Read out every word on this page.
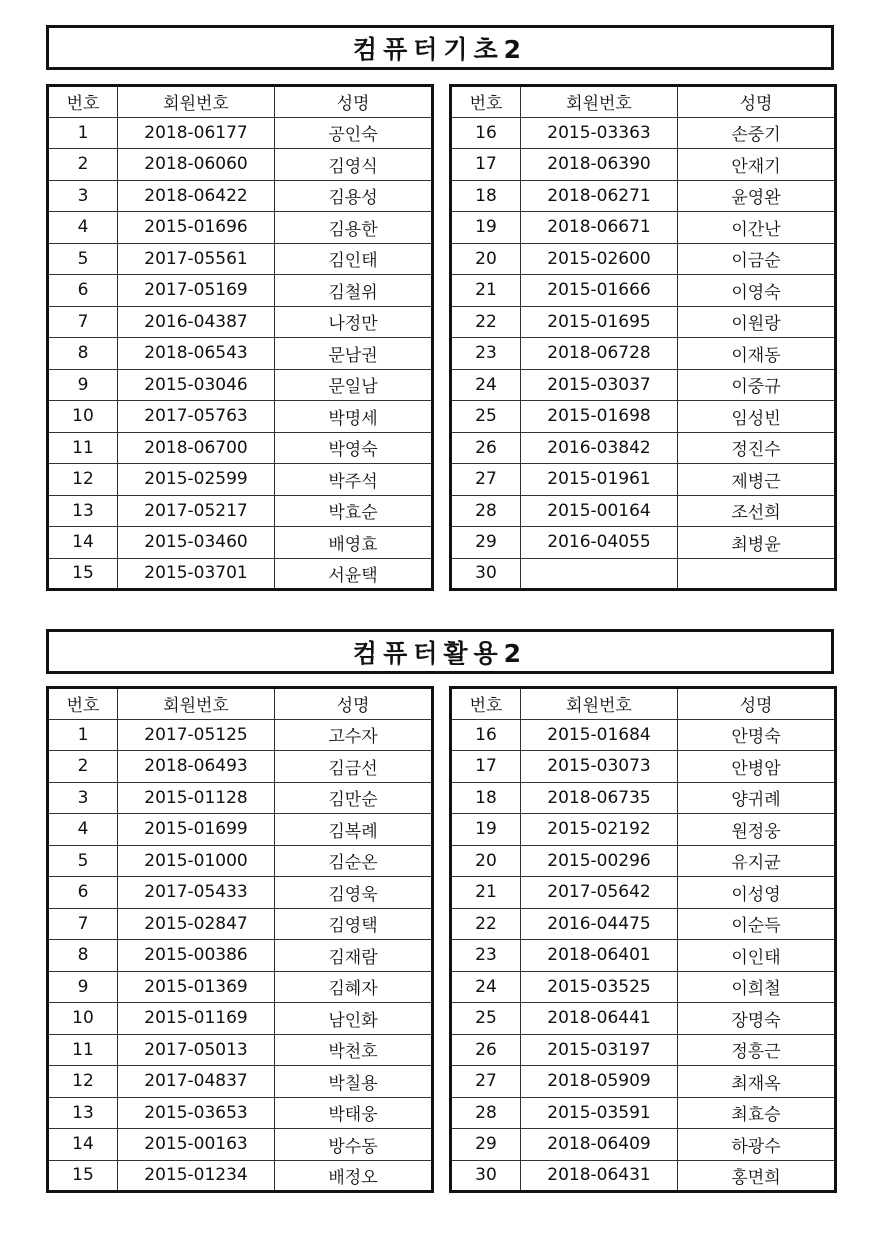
컴퓨터기초2
번호	회원번호	성명
1	2018-06177	공인숙
2	2018-06060	김영식
3	2018-06422	김용성
4	2015-01696	김용한
5	2017-05561	김인태
6	2017-05169	김철위
7	2016-04387	나정만
8	2018-06543	문남권
9	2015-03046	문일남
10	2017-05763	박명세
11	2018-06700	박영숙
12	2015-02599	박주석
13	2017-05217	박효순
14	2015-03460	배영효
15	2015-03701	서윤택
번호	회원번호	성명
16	2015-03363	손중기
17	2018-06390	안재기
18	2018-06271	윤영완
19	2018-06671	이간난
20	2015-02600	이금순
21	2015-01666	이영숙
22	2015-01695	이원랑
23	2018-06728	이재동
24	2015-03037	이중규
25	2015-01698	임성빈
26	2016-03842	정진수
27	2015-01961	제병근
28	2015-00164	조선희
29	2016-04055	최병윤
30		
컴퓨터활용2
번호	회원번호	성명
1	2017-05125	고수자
2	2018-06493	김금선
3	2015-01128	김만순
4	2015-01699	김복례
5	2015-01000	김순온
6	2017-05433	김영욱
7	2015-02847	김영택
8	2015-00386	김재람
9	2015-01369	김혜자
10	2015-01169	남인화
11	2017-05013	박천호
12	2017-04837	박칠용
13	2015-03653	박태웅
14	2015-00163	방수동
15	2015-01234	배정오
번호	회원번호	성명
16	2015-01684	안명숙
17	2015-03073	안병암
18	2018-06735	양귀례
19	2015-02192	원정웅
20	2015-00296	유지균
21	2017-05642	이성영
22	2016-04475	이순득
23	2018-06401	이인태
24	2015-03525	이희철
25	2018-06441	장명숙
26	2015-03197	정흥근
27	2018-05909	최재옥
28	2015-03591	최효승
29	2018-06409	하광수
30	2018-06431	홍면희
